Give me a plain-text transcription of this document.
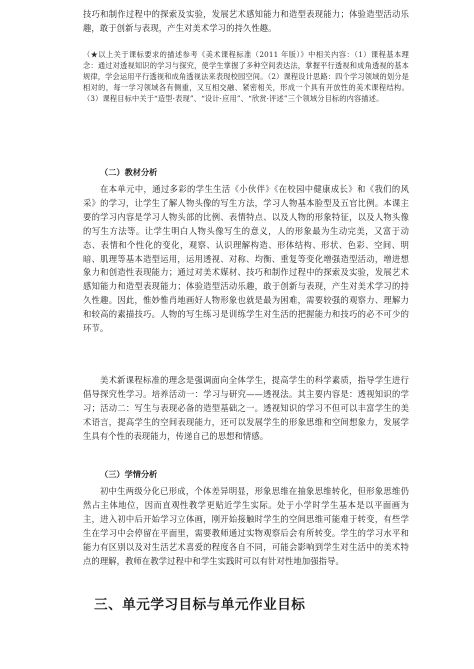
技巧和制作过程中的探索及实验，发展艺术感知能力和造型表现能力；体验造型活动乐趣，敢于创新与表现，产生对美术学习的持久性趣。

（★以上关于课标要求的描述参考《美术课程标准（2011 年版）》中相关内容：（1）课程基本理念：通过对透视知识的学习与探究，使学生掌握了多种空间表达法，掌握平行透视和成角透视的基本规律，学会运用平行透视和成角透视法来表现校园空间。（2）课程设计思路：四个学习领域的划分是相对的，每一学习领域各有侧重，又互相交融、紧密相关，形成一个具有开放性的美术课程结构。（3）课程目标中关于“造型·表现”、“设计·应用”、“欣赏·评述”三个领域分目标的内容描述。

（二）教材分析

在本单元中，通过多彩的学生生活《小伙伴》《在校园中健康成长》和《我们的风采》的学习，让学生了解人物头像的写生方法，学习人物基本脸型及五官比例。本课主要的学习内容是学习人物头部的比例、表情特点、以及人物的形象特征，以及人物头像的写生方法等。让学生明白人物头像写生的意义，人的形象最为生动完美，又富于动态、表情和个性化的变化，观察、认识理解构造、形体结构、形状、色彩、空间、明暗、肌理等基本造型运用，运用透视、对称、均衡、重复等变化增强造型活动，增进想象力和创造性表现能力；通过对美术媒材、技巧和制作过程中的探索及实验，发展艺术感知能力和造型表现能力；体验造型活动乐趣，敢于创新与表现，产生对美术学习的持久性趣。因此，惟妙惟肖地画好人物形象也就是最为困难，需要较强的观察力、理解力和较高的素描技巧。人物的写生练习是训练学生对生活的把握能力和技巧的必不可少的环节。

美术新课程标准的理念是强调面向全体学生，提高学生的科学素质，指导学生进行倡导探究性学习。培养活动一：学习与研究——透视法。其主要内容是：透视知识的学习；活动二：写生与表现必备的造型基础之一。透视知识的学习不但可以丰富学生的美术语言，提高学生的空间表现能力，还可以发展学生的形象思维和空间想象力，发展学生具有个性的表现能力，传递自己的思想和情感。

（三）学情分析

初中生两级分化已形成，个体差异明显，形象思维在抽象思维转化，但形象思维仍然占主体地位，因而直观性教学更贴近学生实际。处于小学时学生基本是以平面画为主，进入初中后开始学习立体画，刚开始接触时学生的空间思维可能难于转变，有些学生在学习中会停留在平面里，需要教师通过实物观察后会有所转变。学生的学习水平和能力有区别以及对生活艺术喜爱的程度各自不同，可能会影响到学生对生活中的美术特点的理解，教师在教学过程中和学生实践时可以有针对性地加强指导。

三、单元学习目标与单元作业目标
